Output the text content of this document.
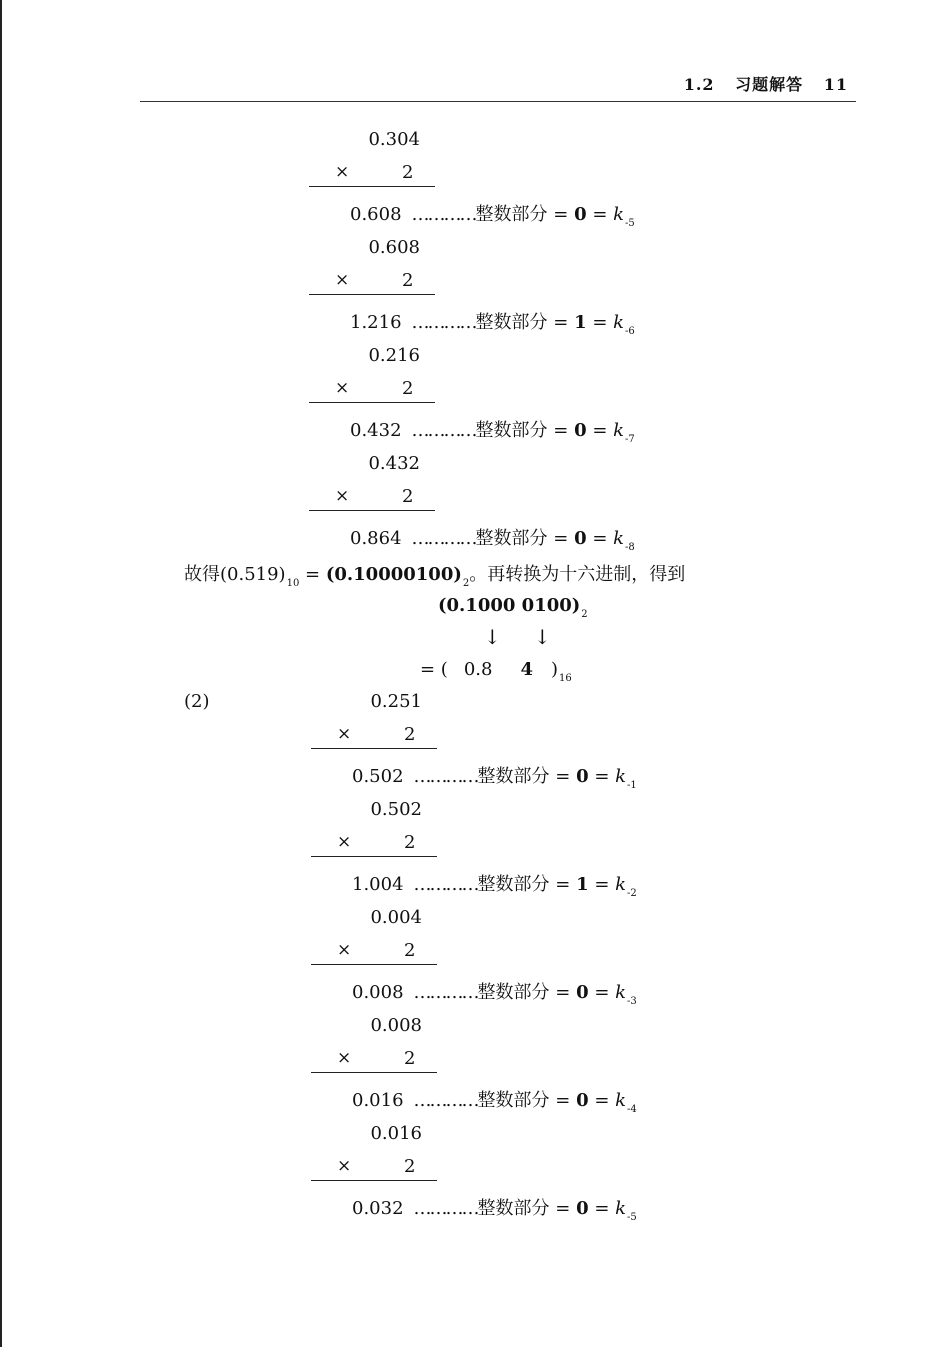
1.2 习题解答 11
0.304
×	2
0.608 …………整数部分 = $0 = k_{-5}$
0.608
×	2
1.216 …………整数部分 = $1 = k_{-6}$
0.216
×	2
0.432 …………整数部分 = $0 = k_{-7}$
0.432
×	2
0.864 …………整数部分 = $0 = k_{-8}$
故得$(0.519)_{10} = (0.10000100)_2$。再转换为十六进制，得到
(0.1000 $0100)_2$
↓ ↓
= ( 0.8 4 )$_{16}$
(2)	0.251
×	2
0.502 …………整数部分 = $0 = k_{-1}$
0.502
×	2
1.004 …………整数部分 = $1 = k_{-2}$
0.004
×	2
0.008 …………整数部分 = $0 = k_{-3}$
0.008
×	2
0.016 …………整数部分 = $0 = k_{-4}$
0.016
×	2
0.032 …………整数部分 = $0 = k_{-5}$
